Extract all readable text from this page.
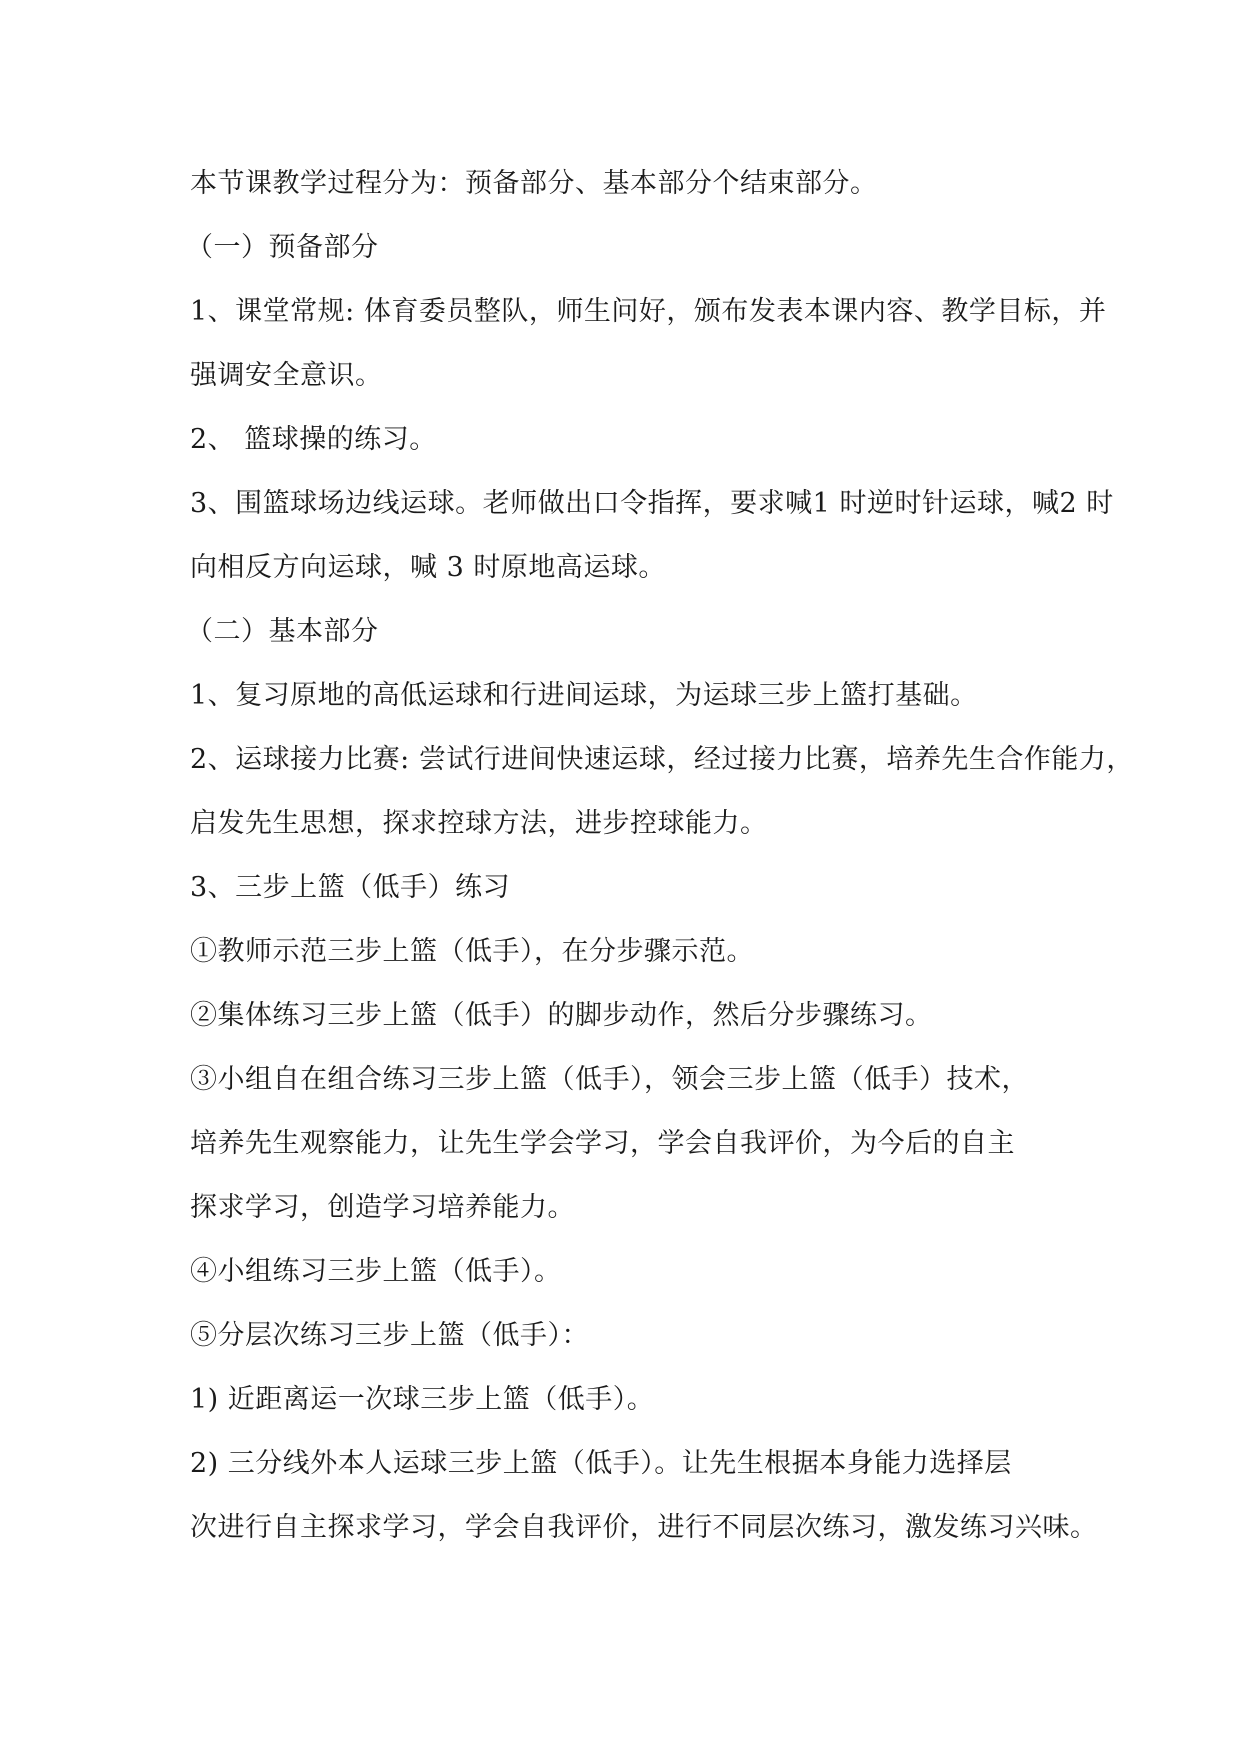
本节课教学过程分为：预备部分、基本部分个结束部分。

（一）预备部分

1、课堂常规: 体育委员整队，师生问好，颁布发表本课内容、教学目标，并

强调安全意识。

2、 篮球操的练习。

3、围篮球场边线运球。老师做出口令指挥，要求喊1 时逆时针运球，喊2 时

向相反方向运球，喊 3 时原地高运球。

（二）基本部分

1、复习原地的高低运球和行进间运球，为运球三步上篮打基础。

2、运球接力比赛: 尝试行进间快速运球，经过接力比赛，培养先生合作能力，

启发先生思想，探求控球方法，进步控球能力。

3、三步上篮（低手）练习

①教师示范三步上篮（低手），在分步骤示范。

②集体练习三步上篮（低手）的脚步动作，然后分步骤练习。

③小组自在组合练习三步上篮（低手），领会三步上篮（低手）技术，

培养先生观察能力，让先生学会学习，学会自我评价，为今后的自主

探求学习，创造学习培养能力。

④小组练习三步上篮（低手）。

⑤分层次练习三步上篮（低手）：

1) 近距离运一次球三步上篮（低手）。

2) 三分线外本人运球三步上篮（低手）。让先生根据本身能力选择层

次进行自主探求学习，学会自我评价，进行不同层次练习，激发练习兴味。
